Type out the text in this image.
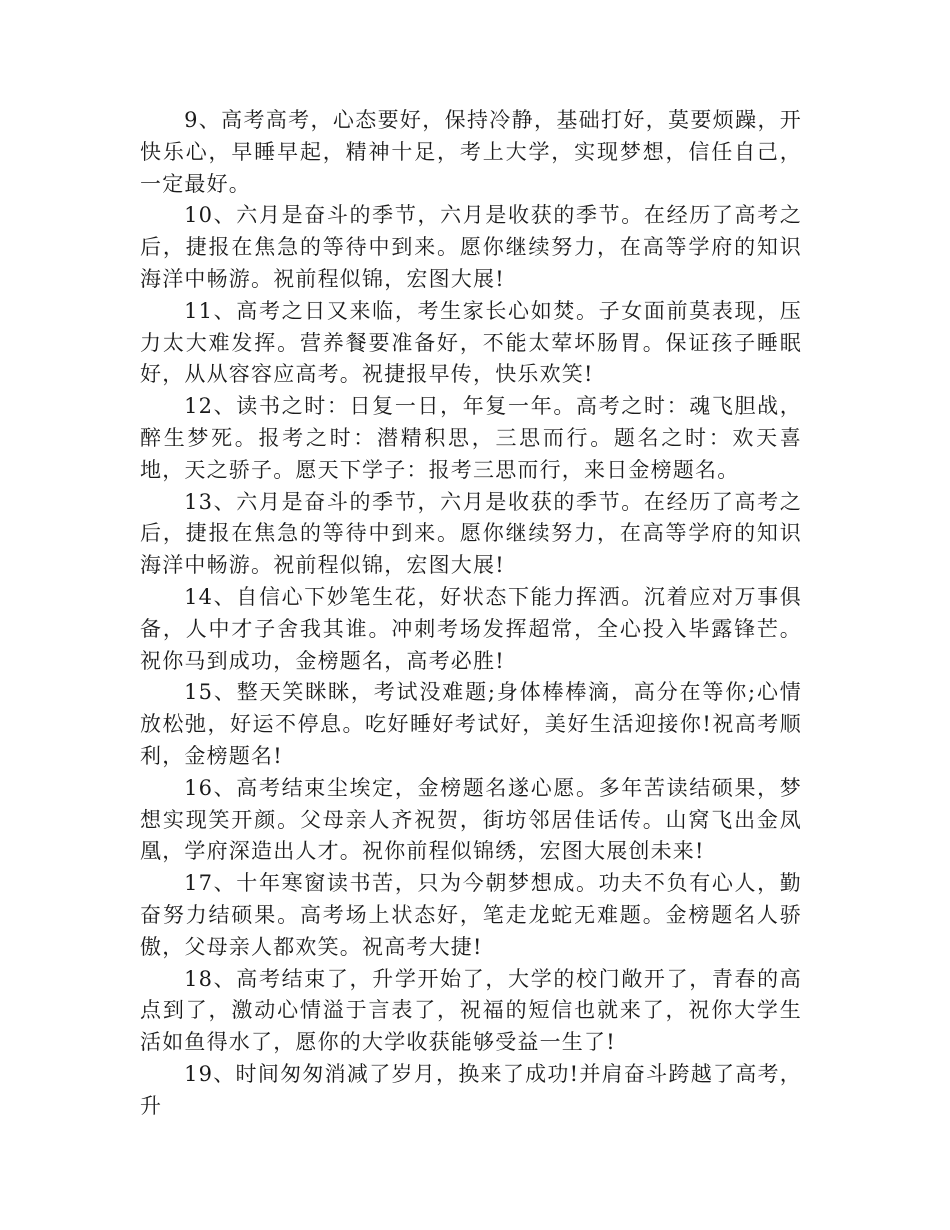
9、高考高考，心态要好，保持冷静，基础打好，莫要烦躁，开快乐心，早睡早起，精神十足，考上大学，实现梦想，信任自己，一定最好。

10、六月是奋斗的季节，六月是收获的季节。在经历了高考之后，捷报在焦急的等待中到来。愿你继续努力，在高等学府的知识海洋中畅游。祝前程似锦，宏图大展!

11、高考之日又来临，考生家长心如焚。子女面前莫表现，压力太大难发挥。营养餐要准备好，不能太荤坏肠胃。保证孩子睡眠好，从从容容应高考。祝捷报早传，快乐欢笑!

12、读书之时：日复一日，年复一年。高考之时：魂飞胆战，醉生梦死。报考之时：潜精积思，三思而行。题名之时：欢天喜地，天之骄子。愿天下学子：报考三思而行，来日金榜题名。

13、六月是奋斗的季节，六月是收获的季节。在经历了高考之后，捷报在焦急的等待中到来。愿你继续努力，在高等学府的知识海洋中畅游。祝前程似锦，宏图大展!

14、自信心下妙笔生花，好状态下能力挥洒。沉着应对万事俱备，人中才子舍我其谁。冲刺考场发挥超常，全心投入毕露锋芒。祝你马到成功，金榜题名，高考必胜!

15、整天笑眯眯，考试没难题;身体棒棒滴，高分在等你;心情放松弛，好运不停息。吃好睡好考试好，美好生活迎接你!祝高考顺利，金榜题名!

16、高考结束尘埃定，金榜题名遂心愿。多年苦读结硕果，梦想实现笑开颜。父母亲人齐祝贺，街坊邻居佳话传。山窝飞出金凤凰，学府深造出人才。祝你前程似锦绣，宏图大展创未来!

17、十年寒窗读书苦，只为今朝梦想成。功夫不负有心人，勤奋努力结硕果。高考场上状态好，笔走龙蛇无难题。金榜题名人骄傲，父母亲人都欢笑。祝高考大捷!

18、高考结束了，升学开始了，大学的校门敞开了，青春的高点到了，激动心情溢于言表了，祝福的短信也就来了，祝你大学生活如鱼得水了，愿你的大学收获能够受益一生了!

19、时间匆匆消减了岁月，换来了成功!并肩奋斗跨越了高考，升
